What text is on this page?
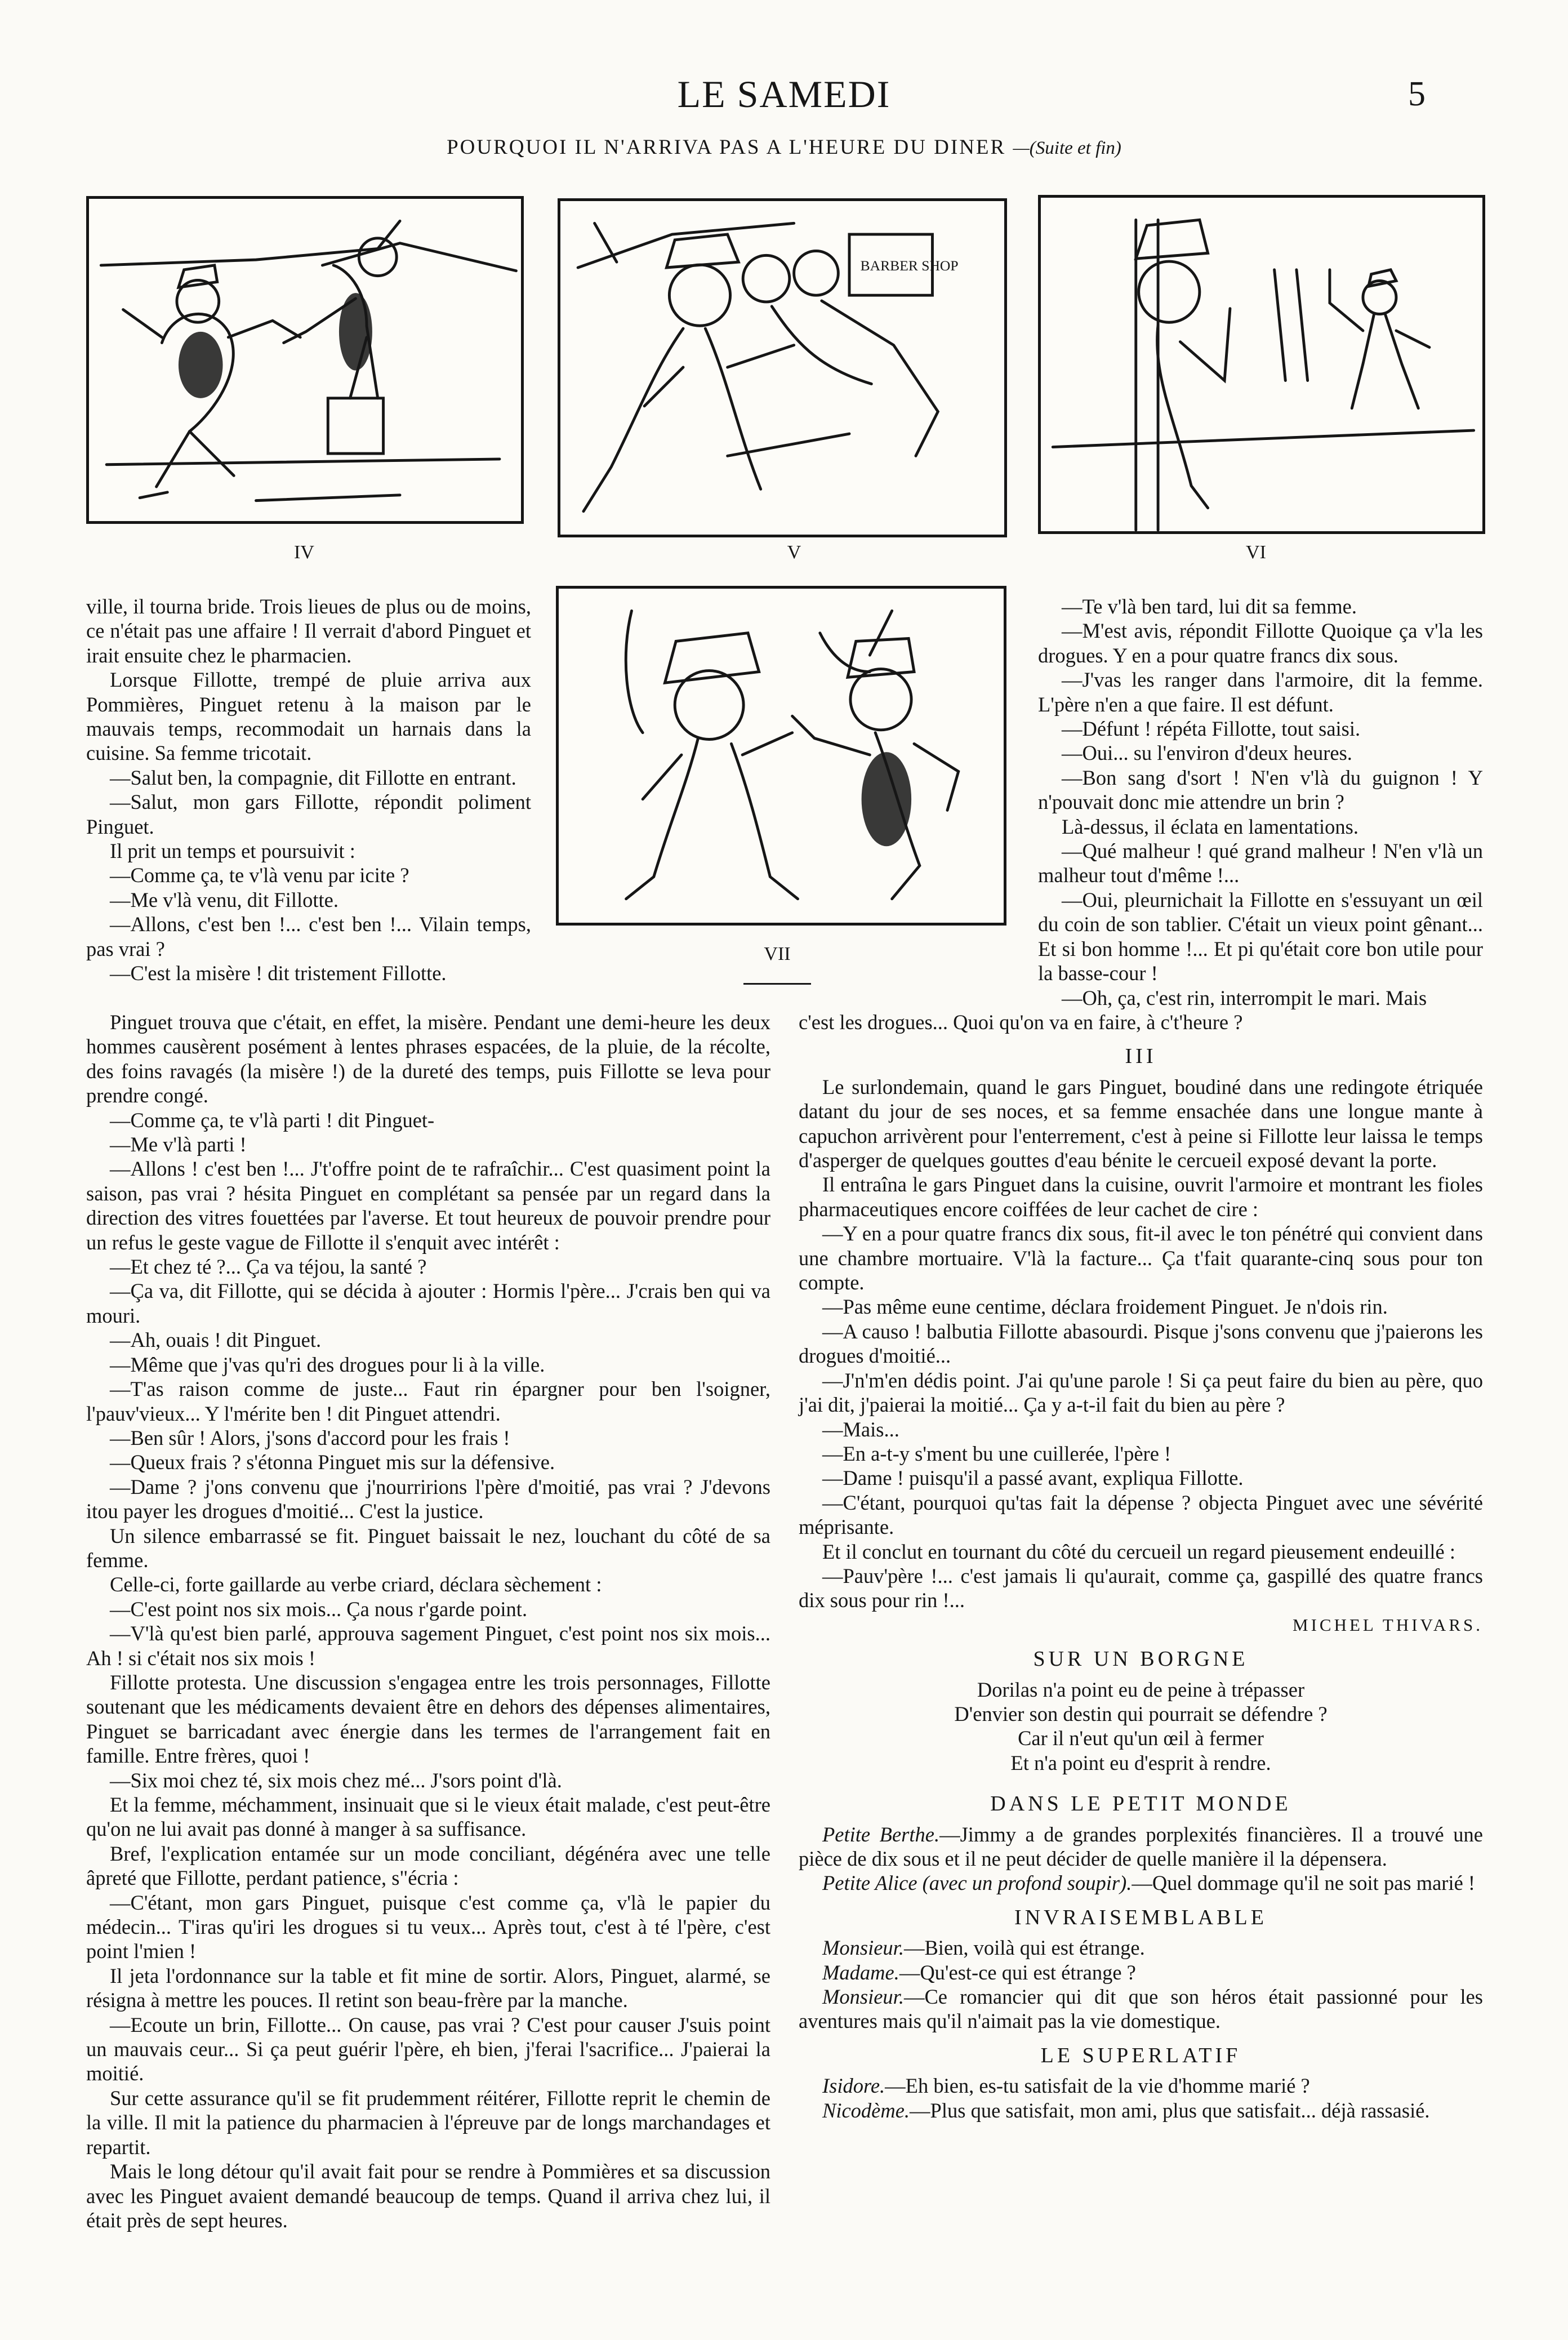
LE SAMEDI	5
POURQUOI IL N'ARRIVA PAS A L'HEURE DU DINER —(Suite et fin)
IV
BARBER SHOP
V	VI
VII

ville, il tourna bride. Trois lieues de plus ou de moins, ce n'était pas une affaire ! Il verrait d'abord Pinguet et irait ensuite chez le pharmacien.

Lorsque Fillotte, trempé de pluie arriva aux Pommières, Pinguet retenu à la maison par le mauvais temps, recommodait un harnais dans la cuisine. Sa femme tricotait.

—Salut ben, la compagnie, dit Fillotte en entrant.

—Salut, mon gars Fillotte, répondit poliment Pinguet.

Il prit un temps et poursuivit :

—Comme ça, te v'là venu par icite ?

—Me v'là venu, dit Fillotte.

—Allons, c'est ben !... c'est ben !... Vilain temps, pas vrai ?

—C'est la misère ! dit tristement Fillotte.

Pinguet trouva que c'était, en effet, la misère. Pendant une demi-heure les deux hommes causèrent posément à lentes phrases espacées, de la pluie, de la récolte, des foins ravagés (la misère !) de la dureté des temps, puis Fillotte se leva pour prendre congé.

—Comme ça, te v'là parti ! dit Pinguet-

—Me v'là parti !

—Allons ! c'est ben !... J't'offre point de te rafraîchir... C'est quasiment point la saison, pas vrai ? hésita Pinguet en complétant sa pensée par un regard dans la direction des vitres fouettées par l'averse. Et tout heureux de pouvoir prendre pour un refus le geste vague de Fillotte il s'enquit avec intérêt :

—Et chez té ?... Ça va téjou, la santé ?

—Ça va, dit Fillotte, qui se décida à ajouter : Hormis l'père... J'crais ben qui va mouri.

—Ah, ouais ! dit Pinguet.

—Même que j'vas qu'ri des drogues pour li à la ville.

—T'as raison comme de juste... Faut rin épargner pour ben l'soigner, l'pauv'vieux... Y l'mérite ben ! dit Pinguet attendri.

—Ben sûr ! Alors, j'sons d'accord pour les frais !

—Queux frais ? s'étonna Pinguet mis sur la défensive.

—Dame ? j'ons convenu que j'nourririons l'père d'moitié, pas vrai ? J'devons itou payer les drogues d'moitié... C'est la justice.

Un silence embarrassé se fit. Pinguet baissait le nez, louchant du côté de sa femme.

Celle-ci, forte gaillarde au verbe criard, déclara sèchement :

—C'est point nos six mois... Ça nous r'garde point.

—V'là qu'est bien parlé, approuva sagement Pinguet, c'est point nos six mois... Ah ! si c'était nos six mois !

Fillotte protesta. Une discussion s'engagea entre les trois personnages, Fillotte soutenant que les médicaments devaient être en dehors des dépenses alimentaires, Pinguet se barricadant avec énergie dans les termes de l'arrangement fait en famille. Entre frères, quoi !

—Six moi chez té, six mois chez mé... J'sors point d'là.

Et la femme, méchamment, insinuait que si le vieux était malade, c'est peut-être qu'on ne lui avait pas donné à manger à sa suffisance.

Bref, l'explication entamée sur un mode conciliant, dégénéra avec une telle âpreté que Fillotte, perdant patience, s"écria :

—C'étant, mon gars Pinguet, puisque c'est comme ça, v'là le papier du médecin... T'iras qu'iri les drogues si tu veux... Après tout, c'est à té l'père, c'est point l'mien !

Il jeta l'ordonnance sur la table et fit mine de sortir. Alors, Pinguet, alarmé, se résigna à mettre les pouces. Il retint son beau-frère par la manche.

—Ecoute un brin, Fillotte... On cause, pas vrai ? C'est pour causer J'suis point un mauvais ceur... Si ça peut guérir l'père, eh bien, j'ferai l'sacrifice... J'paierai la moitié.

Sur cette assurance qu'il se fit prudemment réitérer, Fillotte reprit le chemin de la ville. Il mit la patience du pharmacien à l'épreuve par de longs marchandages et repartit.

Mais le long détour qu'il avait fait pour se rendre à Pommières et sa discussion avec les Pinguet avaient demandé beaucoup de temps. Quand il arriva chez lui, il était près de sept heures.

—Te v'là ben tard, lui dit sa femme.

—M'est avis, répondit Fillotte Quoique ça v'la les drogues. Y en a pour quatre francs dix sous.

—J'vas les ranger dans l'armoire, dit la femme. L'père n'en a que faire. Il est défunt.

—Défunt ! répéta Fillotte, tout saisi.

—Oui... su l'environ d'deux heures.

—Bon sang d'sort ! N'en v'là du guignon ! Y n'pouvait donc mie attendre un brin ?

Là-dessus, il éclata en lamentations.

—Qué malheur ! qué grand malheur ! N'en v'là un malheur tout d'même !...

—Oui, pleurnichait la Fillotte en s'essuyant un œil du coin de son tablier. C'était un vieux point gênant... Et si bon homme !... Et pi qu'était core bon utile pour la basse-cour !

—Oh, ça, c'est rin, interrompit le mari. Mais

c'est les drogues... Quoi qu'on va en faire, à c't'heure ?

III

Le surlondemain, quand le gars Pinguet, boudiné dans une redingote étriquée datant du jour de ses noces, et sa femme ensachée dans une longue mante à capuchon arrivèrent pour l'enterrement, c'est à peine si Fillotte leur laissa le temps d'asperger de quelques gouttes d'eau bénite le cercueil exposé devant la porte.

Il entraîna le gars Pinguet dans la cuisine, ouvrit l'armoire et montrant les fioles pharmaceutiques encore coiffées de leur cachet de cire :

—Y en a pour quatre francs dix sous, fit-il avec le ton pénétré qui convient dans une chambre mortuaire. V'là la facture... Ça t'fait quarante-cinq sous pour ton compte.

—Pas même eune centime, déclara froidement Pinguet. Je n'dois rin.

—A causo ! balbutia Fillotte abasourdi. Pisque j'sons convenu que j'paierons les drogues d'moitié...

—J'n'm'en dédis point. J'ai qu'une parole ! Si ça peut faire du bien au père, quo j'ai dit, j'paierai la moitié... Ça y a-t-il fait du bien au père ?

—Mais...

—En a-t-y s'ment bu une cuillerée, l'père !

—Dame ! puisqu'il a passé avant, expliqua Fillotte.

—C'étant, pourquoi qu'tas fait la dépense ? objecta Pinguet avec une sévérité méprisante.

Et il conclut en tournant du côté du cercueil un regard pieusement endeuillé :

—Pauv'père !... c'est jamais li qu'aurait, comme ça, gaspillé des quatre francs dix sous pour rin !...

MICHEL THIVARS.
SUR UN BORGNE
Dorilas n'a point eu de peine à trépasser
D'envier son destin qui pourrait se défendre ?
Car il n'eut qu'un œil à fermer
Et n'a point eu d'esprit à rendre.
DANS LE PETIT MONDE

Petite Berthe.—Jimmy a de grandes porplexités financières. Il a trouvé une pièce de dix sous et il ne peut décider de quelle manière il la dépensera.

Petite Alice (avec un profond soupir).—Quel dommage qu'il ne soit pas marié !

INVRAISEMBLABLE

Monsieur.—Bien, voilà qui est étrange.

Madame.—Qu'est-ce qui est étrange ?

Monsieur.—Ce romancier qui dit que son héros était passionné pour les aventures mais qu'il n'aimait pas la vie domestique.

LE SUPERLATIF

Isidore.—Eh bien, es-tu satisfait de la vie d'homme marié ?

Nicodème.—Plus que satisfait, mon ami, plus que satisfait... déjà rassasié.
